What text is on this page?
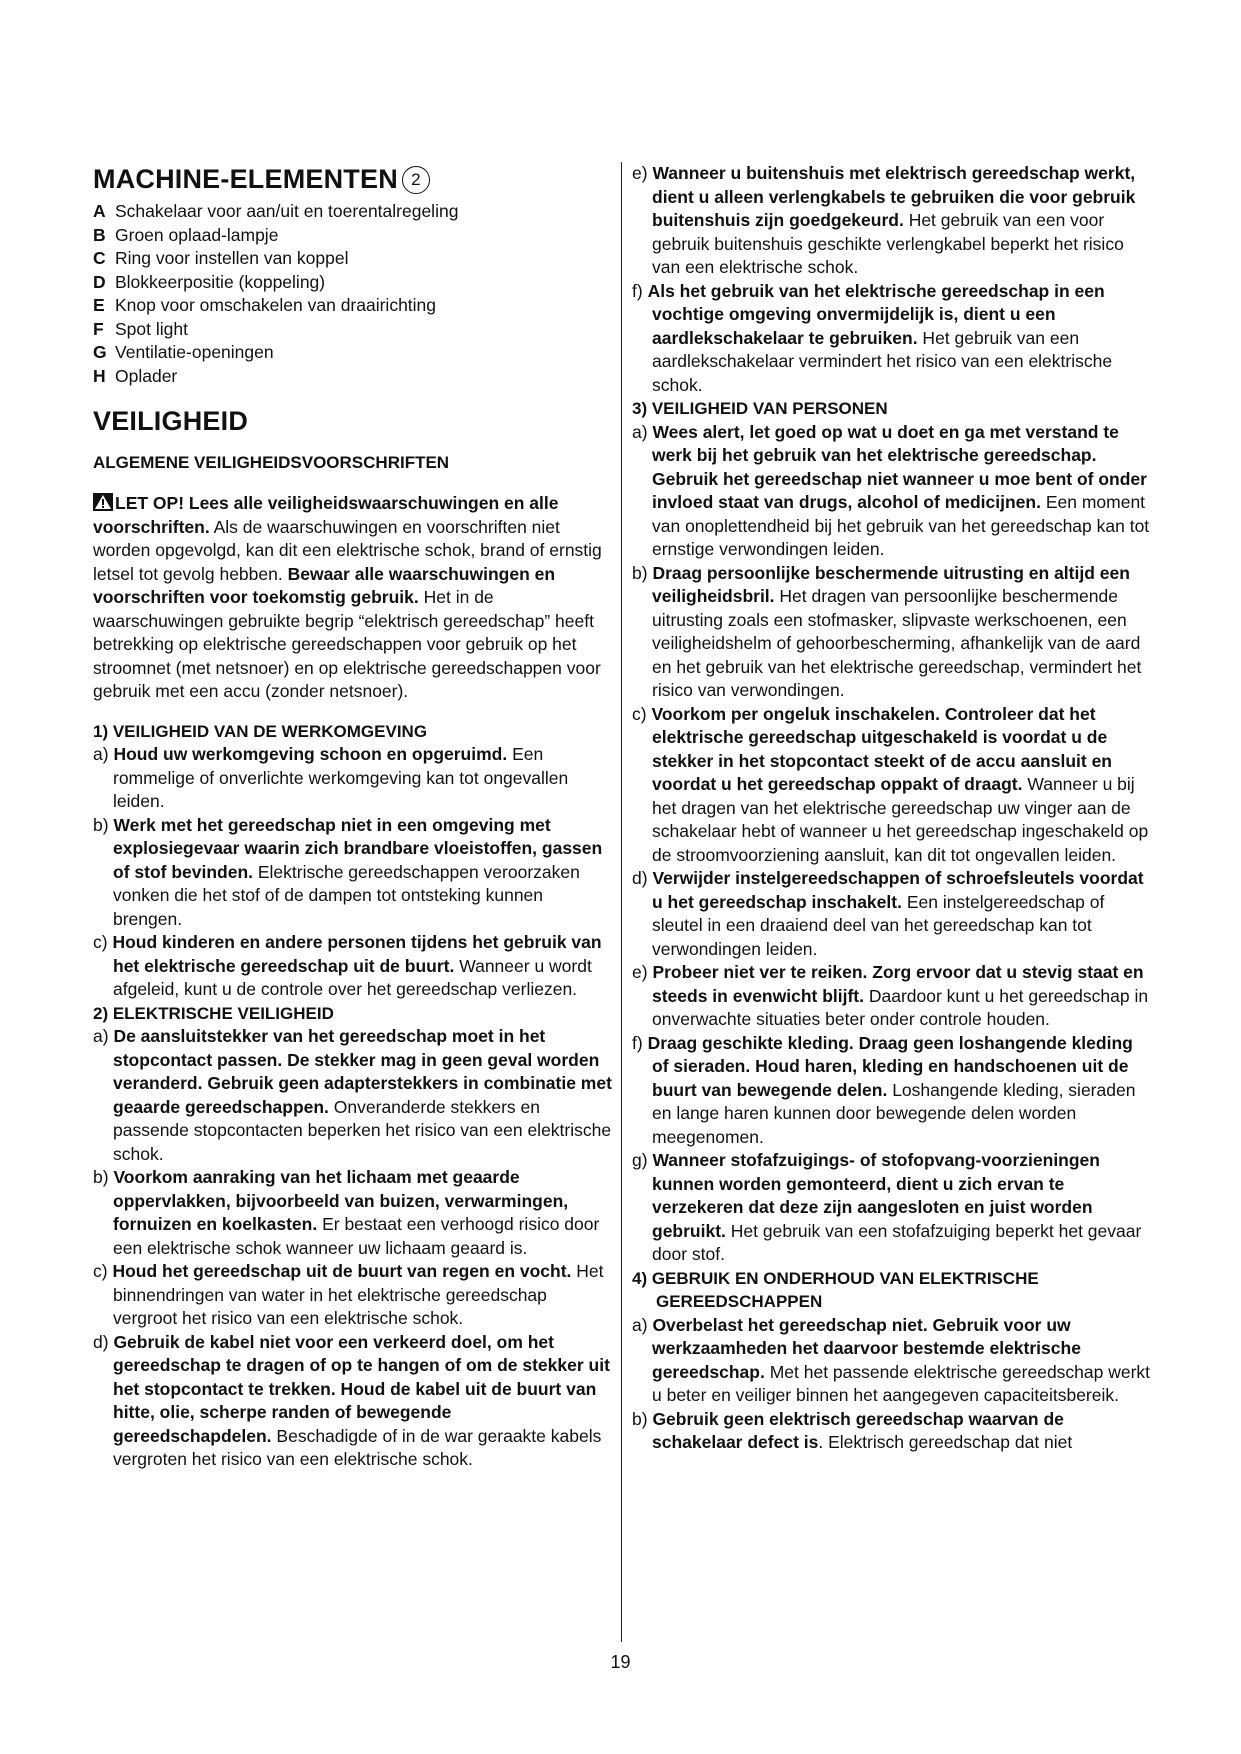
MACHINE-ELEMENTEN 2
A Schakelaar voor aan/uit en toerentalregeling
B Groen oplaad-lampje
C Ring voor instellen van koppel
D Blokkeerpositie (koppeling)
E Knop voor omschakelen van draairichting
F Spot light
G Ventilatie-openingen
H Oplader
VEILIGHEID
ALGEMENE VEILIGHEIDSVOORSCHRIFTEN

LET OP! Lees alle veiligheidswaarschuwingen en alle voorschriften. Als de waarschuwingen en voorschriften niet worden opgevolgd, kan dit een elektrische schok, brand of ernstig letsel tot gevolg hebben. Bewaar alle waarschuwingen en voorschriften voor toekomstig gebruik. Het in de waarschuwingen gebruikte begrip “elektrisch gereedschap” heeft betrekking op elektrische gereedschappen voor gebruik op het stroomnet (met netsnoer) en op elektrische gereedschappen voor gebruik met een accu (zonder netsnoer).

1) VEILIGHEID VAN DE WERKOMGEVING

a) Houd uw werkomgeving schoon en opgeruimd. Een rommelige of onverlichte werkomgeving kan tot ongevallen leiden.

b) Werk met het gereedschap niet in een omgeving met explosiegevaar waarin zich brandbare vloeistoffen, gassen of stof bevinden. Elektrische gereedschappen veroorzaken vonken die het stof of de dampen tot ontsteking kunnen brengen.

c) Houd kinderen en andere personen tijdens het gebruik van het elektrische gereedschap uit de buurt. Wanneer u wordt afgeleid, kunt u de controle over het gereedschap verliezen.

2) ELEKTRISCHE VEILIGHEID

a) De aansluitstekker van het gereedschap moet in het stopcontact passen. De stekker mag in geen geval worden veranderd. Gebruik geen adapterstekkers in combinatie met geaarde gereedschappen. Onveranderde stekkers en passende stopcontacten beperken het risico van een elektrische schok.

b) Voorkom aanraking van het lichaam met geaarde oppervlakken, bijvoorbeeld van buizen, verwarmingen, fornuizen en koelkasten. Er bestaat een verhoogd risico door een elektrische schok wanneer uw lichaam geaard is.

c) Houd het gereedschap uit de buurt van regen en vocht. Het binnendringen van water in het elektrische gereedschap vergroot het risico van een elektrische schok.

d) Gebruik de kabel niet voor een verkeerd doel, om het gereedschap te dragen of op te hangen of om de stekker uit het stopcontact te trekken. Houd de kabel uit de buurt van hitte, olie, scherpe randen of bewegende gereedschapdelen. Beschadigde of in de war geraakte kabels vergroten het risico van een elektrische schok.

e) Wanneer u buitenshuis met elektrisch gereedschap werkt, dient u alleen verlengkabels te gebruiken die voor gebruik buitenshuis zijn goedgekeurd. Het gebruik van een voor gebruik buitenshuis geschikte verlengkabel beperkt het risico van een elektrische schok.

f) Als het gebruik van het elektrische gereedschap in een vochtige omgeving onvermijdelijk is, dient u een aardlekschakelaar te gebruiken. Het gebruik van een aardlekschakelaar vermindert het risico van een elektrische schok.

3) VEILIGHEID VAN PERSONEN

a) Wees alert, let goed op wat u doet en ga met verstand te werk bij het gebruik van het elektrische gereedschap. Gebruik het gereedschap niet wanneer u moe bent of onder invloed staat van drugs, alcohol of medicijnen. Een moment van onoplettendheid bij het gebruik van het gereedschap kan tot ernstige verwondingen leiden.

b) Draag persoonlijke beschermende uitrusting en altijd een veiligheidsbril. Het dragen van persoonlijke beschermende uitrusting zoals een stofmasker, slipvaste werkschoenen, een veiligheidshelm of gehoorbescherming, afhankelijk van de aard en het gebruik van het elektrische gereedschap, vermindert het risico van verwondingen.

c) Voorkom per ongeluk inschakelen. Controleer dat het elektrische gereedschap uitgeschakeld is voordat u de stekker in het stopcontact steekt of de accu aansluit en voordat u het gereedschap oppakt of draagt. Wanneer u bij het dragen van het elektrische gereedschap uw vinger aan de schakelaar hebt of wanneer u het gereedschap ingeschakeld op de stroomvoorziening aansluit, kan dit tot ongevallen leiden.

d) Verwijder instelgereedschappen of schroefsleutels voordat u het gereedschap inschakelt. Een instelgereedschap of sleutel in een draaiend deel van het gereedschap kan tot verwondingen leiden.

e) Probeer niet ver te reiken. Zorg ervoor dat u stevig staat en steeds in evenwicht blijft. Daardoor kunt u het gereedschap in onverwachte situaties beter onder controle houden.

f) Draag geschikte kleding. Draag geen loshangende kleding of sieraden. Houd haren, kleding en handschoenen uit de buurt van bewegende delen. Loshangende kleding, sieraden en lange haren kunnen door bewegende delen worden meegenomen.

g) Wanneer stofafzuigings- of stofopvang-voorzieningen kunnen worden gemonteerd, dient u zich ervan te verzekeren dat deze zijn aangesloten en juist worden gebruikt. Het gebruik van een stofafzuiging beperkt het gevaar door stof.

4) GEBRUIK EN ONDERHOUD VAN ELEKTRISCHE GEREEDSCHAPPEN

a) Overbelast het gereedschap niet. Gebruik voor uw werkzaamheden het daarvoor bestemde elektrische gereedschap. Met het passende elektrische gereedschap werkt u beter en veiliger binnen het aangegeven capaciteitsbereik.

b) Gebruik geen elektrisch gereedschap waarvan de schakelaar defect is. Elektrisch gereedschap dat niet

19
